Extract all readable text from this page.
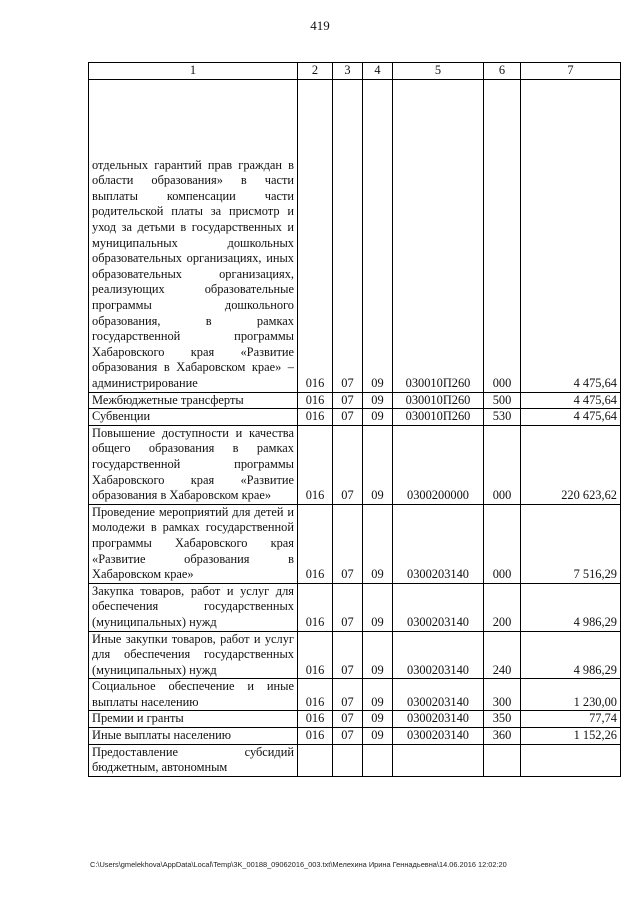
419
1	2	3	4	5	6	7
отдельных гарантий прав граждан в области образования» в части выплаты компенсации части родительской платы за присмотр и уход за детьми в государственных и муниципальных дошкольных образовательных организациях, иных образовательных организациях, реализующих образовательные программы дошкольного образования, в рамках государственной программы Хабаровского края «Развитие образования в Хабаровском крае» – администрирование	016	07	09	030010П260	000	4 475,64
Межбюджетные трансферты	016	07	09	030010П260	500	4 475,64
Субвенции	016	07	09	030010П260	530	4 475,64
Повышение доступности и качества общего образования в рамках государственной программы Хабаровского края «Развитие образования в Хабаровском крае»	016	07	09	0300200000	000	220 623,62
Проведение мероприятий для детей и молодежи в рамках государственной программы Хабаровского края «Развитие образования в Хабаровском крае»	016	07	09	0300203140	000	7 516,29
Закупка товаров, работ и услуг для обеспечения государственных (муниципальных) нужд	016	07	09	0300203140	200	4 986,29
Иные закупки товаров, работ и услуг для обеспечения государственных (муниципальных) нужд	016	07	09	0300203140	240	4 986,29
Социальное обеспечение и иные выплаты населению	016	07	09	0300203140	300	1 230,00
Премии и гранты	016	07	09	0300203140	350	77,74
Иные выплаты населению	016	07	09	0300203140	360	1 152,26
Предоставление субсидий бюджетным, автономным						
C:\Users\gmelekhova\AppData\Local\Temp\3K_00188_09062016_003.txt\Мелехина Ирина Геннадьевна\14.06.2016 12:02:20
